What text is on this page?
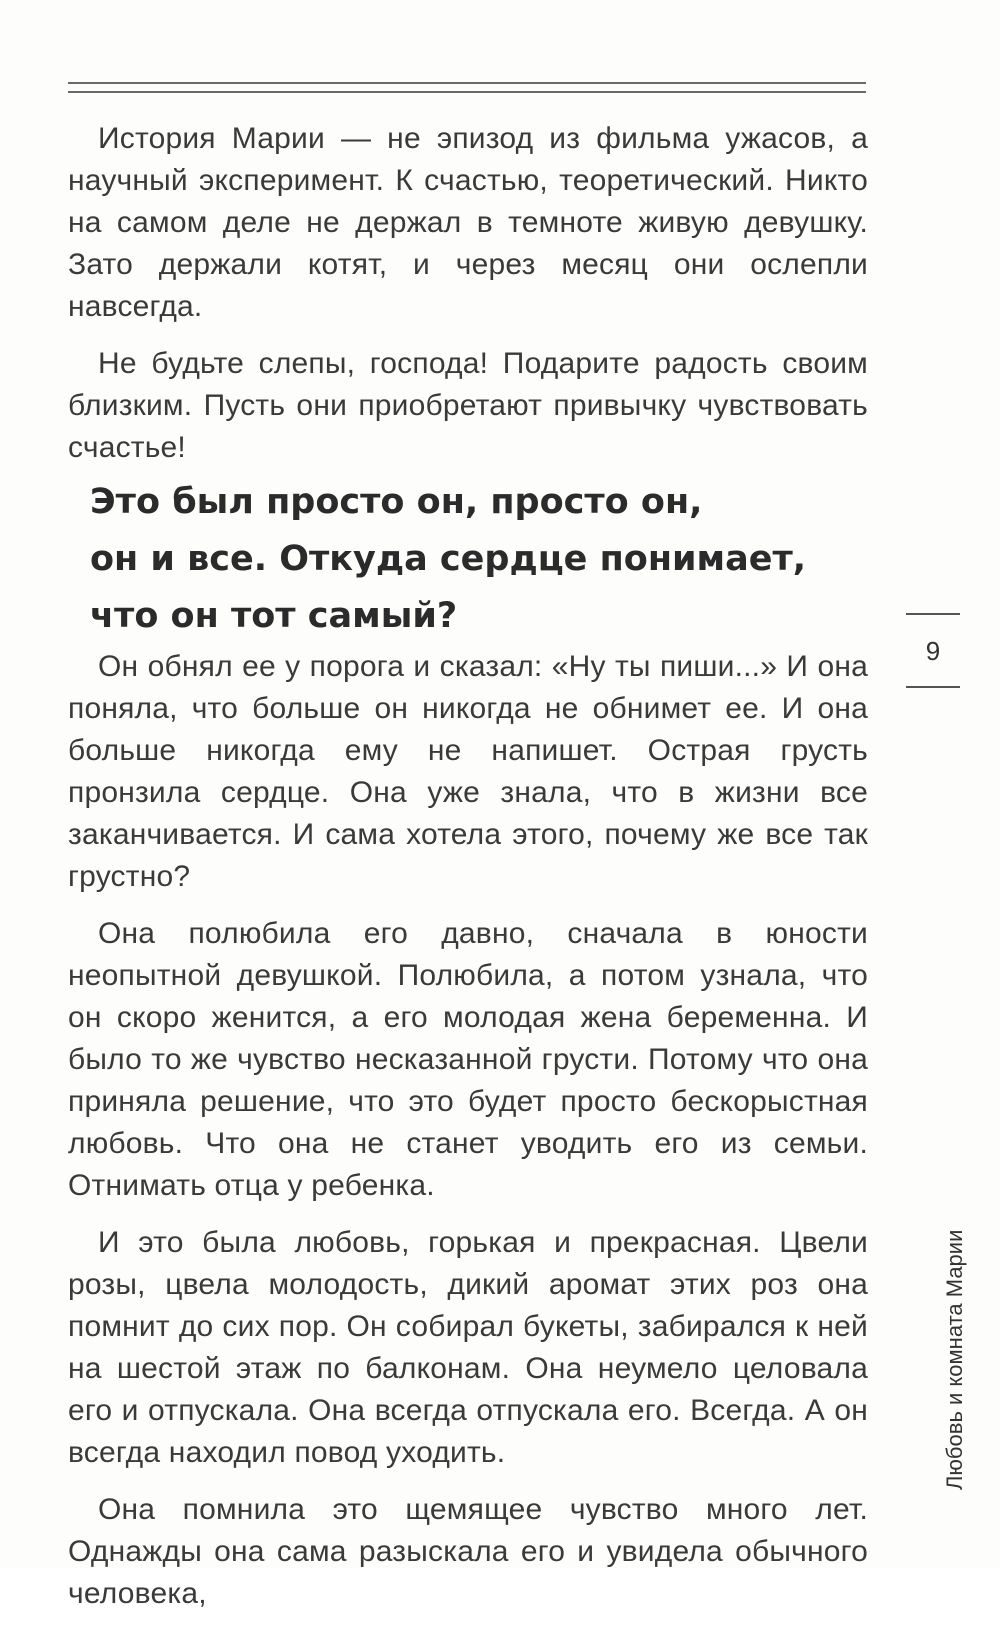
История Марии — не эпизод из фильма ужасов, а научный эксперимент. К счастью, теоретический. Никто на самом деле не держал в темноте живую девушку. Зато держали котят, и через месяц они ослепли навсегда.

Не будьте слепы, господа! Подарите радость своим близким. Пусть они приобретают привычку чувствовать счастье!

Это был просто он, просто он,
он и все. Откуда сердце понимает,
что он тот самый?

Он обнял ее у порога и сказал: «Ну ты пиши...» И она поняла, что больше он никогда не обнимет ее. И она больше никогда ему не напишет. Острая грусть пронзила сердце. Она уже знала, что в жизни все заканчивается. И сама хотела этого, почему же все так грустно?

Она полюбила его давно, сначала в юности неопытной девушкой. Полюбила, а потом узнала, что он скоро женится, а его молодая жена беременна. И было то же чувство несказанной грусти. Потому что она приняла решение, что это будет просто бескорыстная любовь. Что она не станет уводить его из семьи. Отнимать отца у ребенка.

И это была любовь, горькая и прекрасная. Цвели розы, цвела молодость, дикий аромат этих роз она помнит до сих пор. Он собирал букеты, забирался к ней на шестой этаж по балконам. Она неумело целовала его и отпускала. Она всегда отпускала его. Всегда. А он всегда находил повод уходить.

Она помнила это щемящее чувство много лет. Однажды она сама разыскала его и увидела обычного человека,

9
Любовь и комната Марии
